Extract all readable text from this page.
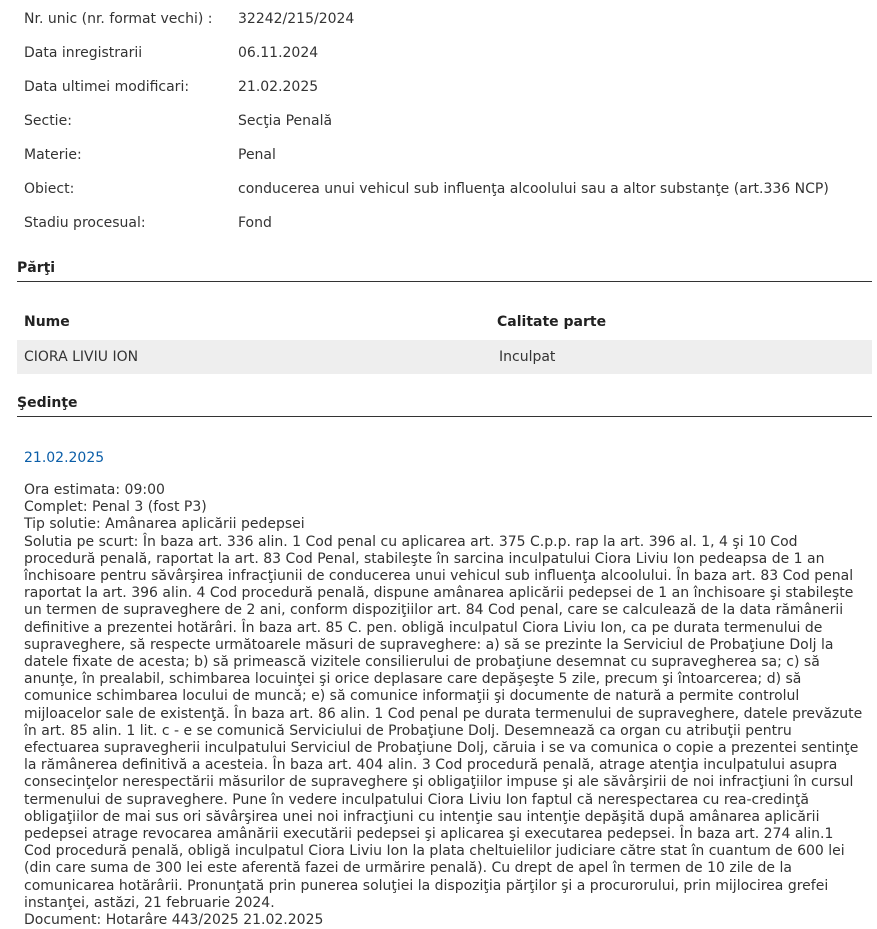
Nr. unic (nr. format vechi) : 32242/215/2024
Data inregistrarii	06.11.2024
Data ultimei modificari:	21.02.2025
Sectie:	Secţia Penală
Materie:	Penal
Obiect:	conducerea unui vehicul sub influenţa alcoolului sau a altor substanţe (art.336 NCP)
Stadiu procesual:	Fond
Părţi
Nume	Calitate parte
CIORA LIVIU ION	Inculpat
Şedinţe
21.02.2025
Ora estimata: 09:00
Complet: Penal 3 (fost P3)
Tip solutie: Amânarea aplicării pedepsei
Solutia pe scurt: În baza art. 336 alin. 1 Cod penal cu aplicarea art. 375 C.p.p. rap la art. 396 al. 1, 4 şi 10 Cod procedură penală, raportat la art. 83 Cod Penal, stabileşte în sarcina inculpatului Ciora Liviu Ion pedeapsa de 1 an închisoare pentru săvârşirea infracţiunii de conducerea unui vehicul sub influenţa alcoolului. În baza art. 83 Cod penal raportat la art. 396 alin. 4 Cod procedură penală, dispune amânarea aplicării pedepsei de 1 an închisoare şi stabileşte un termen de supraveghere de 2 ani, conform dispoziţiilor art. 84 Cod penal, care se calculează de la data rămânerii definitive a prezentei hotărâri. În baza art. 85 C. pen. obligă inculpatul Ciora Liviu Ion, ca pe durata termenului de supraveghere, să respecte următoarele măsuri de supraveghere: a) să se prezinte la Serviciul de Probaţiune Dolj la datele fixate de acesta; b) să primească vizitele consilierului de probaţiune desemnat cu supravegherea sa; c) să anunţe, în prealabil, schimbarea locuinţei şi orice deplasare care depăşeşte 5 zile, precum şi întoarcerea; d) să comunice schimbarea locului de muncă; e) să comunice informaţii şi documente de natură a permite controlul mijloacelor sale de existenţă. În baza art. 86 alin. 1 Cod penal pe durata termenului de supraveghere, datele prevăzute în art. 85 alin. 1 lit. c - e se comunică Serviciului de Probaţiune Dolj. Desemnează ca organ cu atribuţii pentru efectuarea supravegherii inculpatului Serviciul de Probaţiune Dolj, căruia i se va comunica o copie a prezentei sentinţe la rămânerea definitivă a acesteia. În baza art. 404 alin. 3 Cod procedură penală, atrage atenţia inculpatului asupra consecinţelor nerespectării măsurilor de supraveghere şi obligaţiilor impuse şi ale săvârşirii de noi infracţiuni în cursul termenului de supraveghere. Pune în vedere inculpatului Ciora Liviu Ion faptul că nerespectarea cu rea-credinţă obligaţiilor de mai sus ori săvârşirea unei noi infracţiuni cu intenţie sau intenţie depăşită după amânarea aplicării pedepsei atrage revocarea amânării executării pedepsei şi aplicarea şi executarea pedepsei. În baza art. 274 alin.1 Cod procedură penală, obligă inculpatul Ciora Liviu Ion la plata cheltuielilor judiciare către stat în cuantum de 600 lei (din care suma de 300 lei este aferentă fazei de urmărire penală). Cu drept de apel în termen de 10 zile de la comunicarea hotărârii. Pronunţată prin punerea soluţiei la dispoziţia părţilor şi a procurorului, prin mijlocirea grefei instanţei, astăzi, 21 februarie 2024.
Document: Hotarâre 443/2025 21.02.2025
